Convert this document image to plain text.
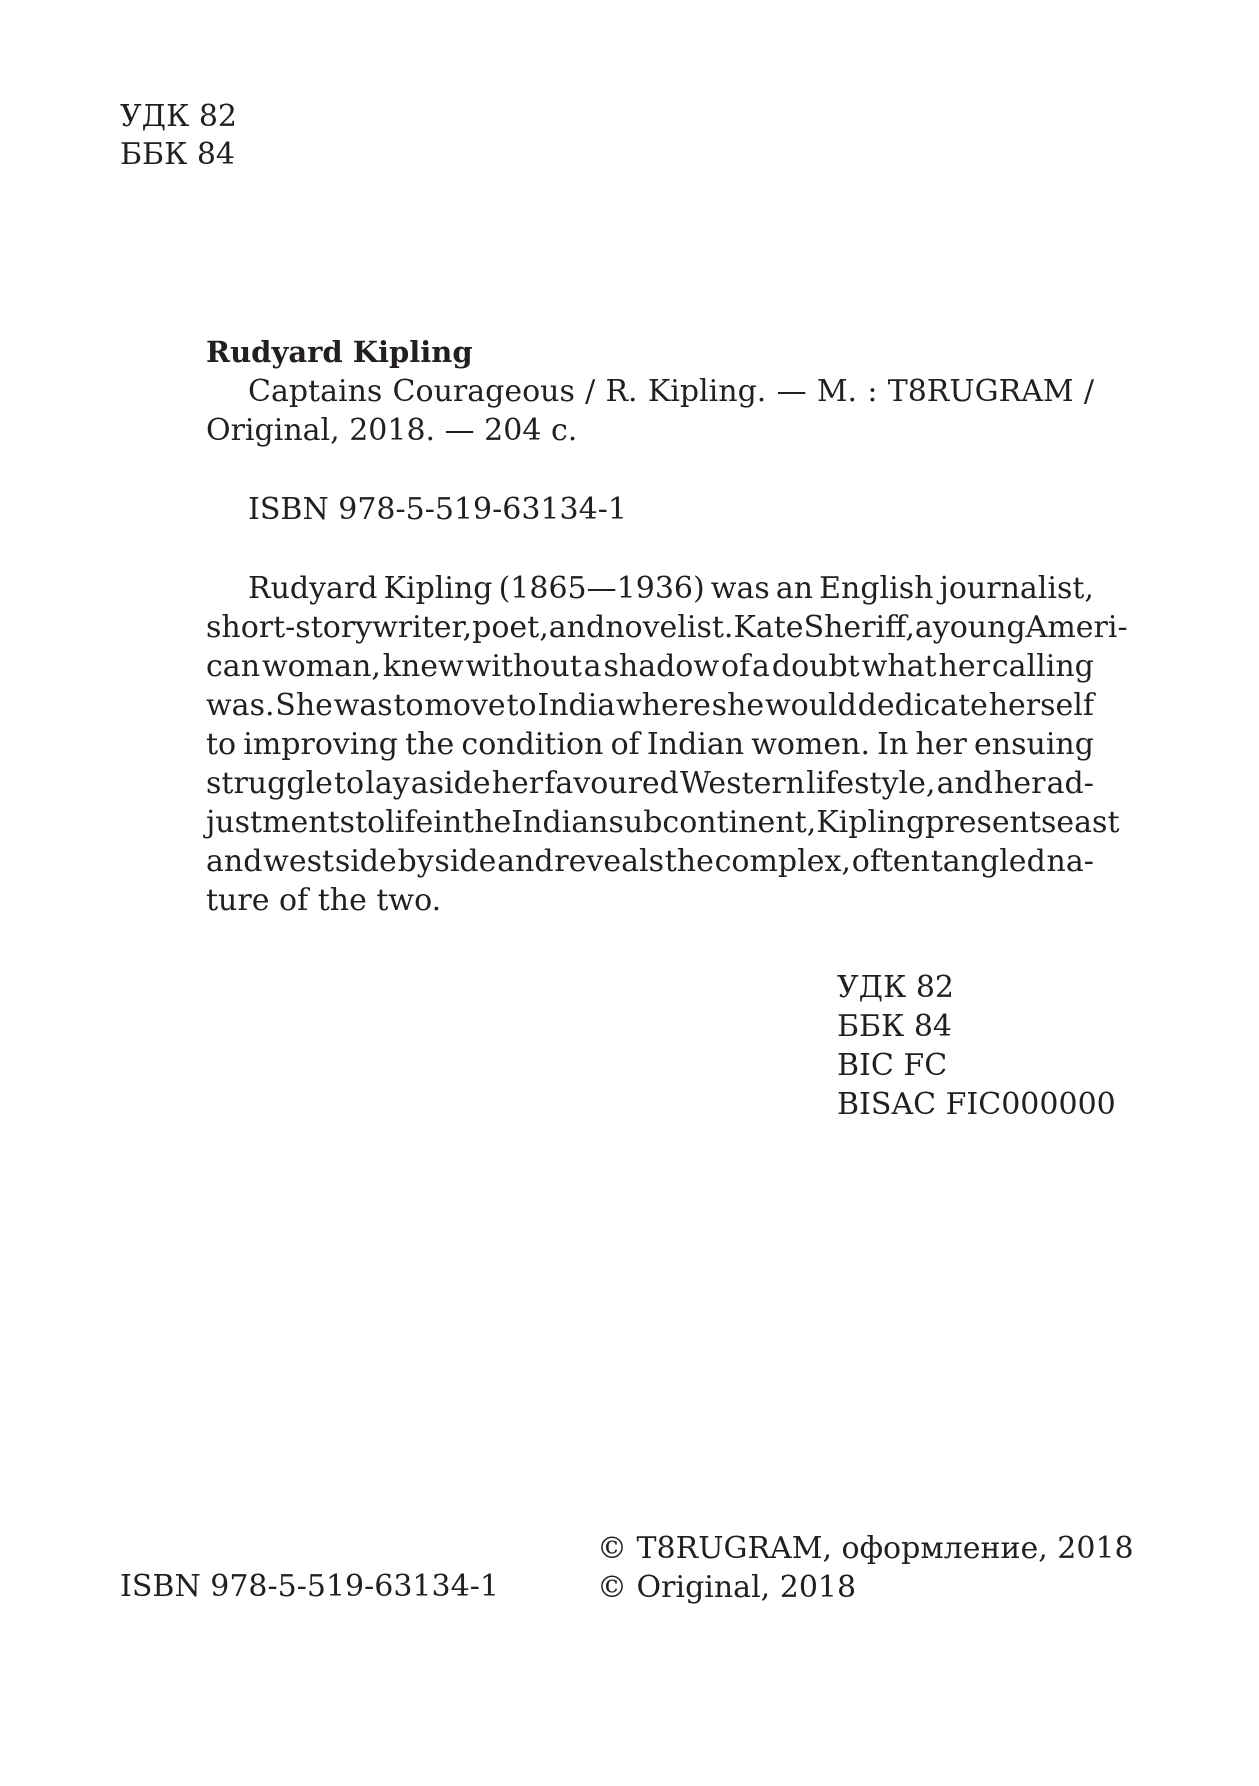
УДК 82

ББК 84

Rudyard Kipling

Captains Courageous / R. Kipling. — M. : T8RUGRAM /

Original, 2018. — 204 с.

ISBN 978-5-519-63134-1

Rudyard Kipling (1865—1936) was an English journalist,

short-story writer, poet, and novelist.Kate Sheriff, a young Ameri-

can woman, knew without a shadow of a doubt what her calling

was. She was to move to India where she would dedicate herself

to improving the condition of Indian women. In her ensuing

struggle to lay aside her favoured Western lifestyle, and her ad-

justments to life in the Indian subcontinent, Kipling presents east

and west side by side and reveals the complex, often tangled na-

ture of the two.

УДК 82

ББК 84

BIC FC

BISAC FIC000000

ISBN 978-5-519-63134-1

© T8RUGRAM, оформление, 2018

© Original, 2018
